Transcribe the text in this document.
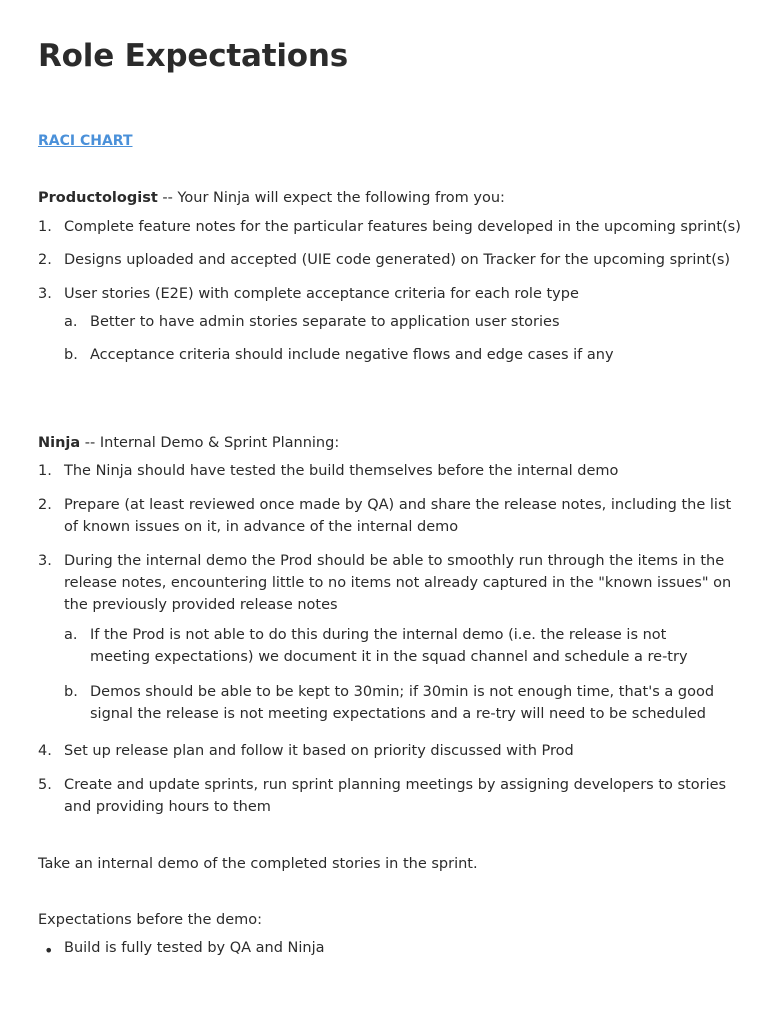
Role Expectations
RACI CHART
Productologist -- Your Ninja will expect the following from you:
1. Complete feature notes for the particular features being developed in the upcoming sprint(s)
2. Designs uploaded and accepted (UIE code generated) on Tracker for the upcoming sprint(s)
3. User stories (E2E) with complete acceptance criteria for each role type
a. Better to have admin stories separate to application user stories
b. Acceptance criteria should include negative flows and edge cases if any
Ninja -- Internal Demo & Sprint Planning:
1. The Ninja should have tested the build themselves before the internal demo
2. Prepare (at least reviewed once made by QA) and share the release notes, including the list of known issues on it, in advance of the internal demo
3. During the internal demo the Prod should be able to smoothly run through the items in the release notes, encountering little to no items not already captured in the "known issues" on the previously provided release notes
a. If the Prod is not able to do this during the internal demo (i.e. the release is not meeting expectations) we document it in the squad channel and schedule a re-try
b. Demos should be able to be kept to 30min; if 30min is not enough time, that's a good signal the release is not meeting expectations and a re-try will need to be scheduled
4. Set up release plan and follow it based on priority discussed with Prod
5. Create and update sprints, run sprint planning meetings by assigning developers to stories and providing hours to them
Take an internal demo of the completed stories in the sprint.
Expectations before the demo:
• Build is fully tested by QA and Ninja
